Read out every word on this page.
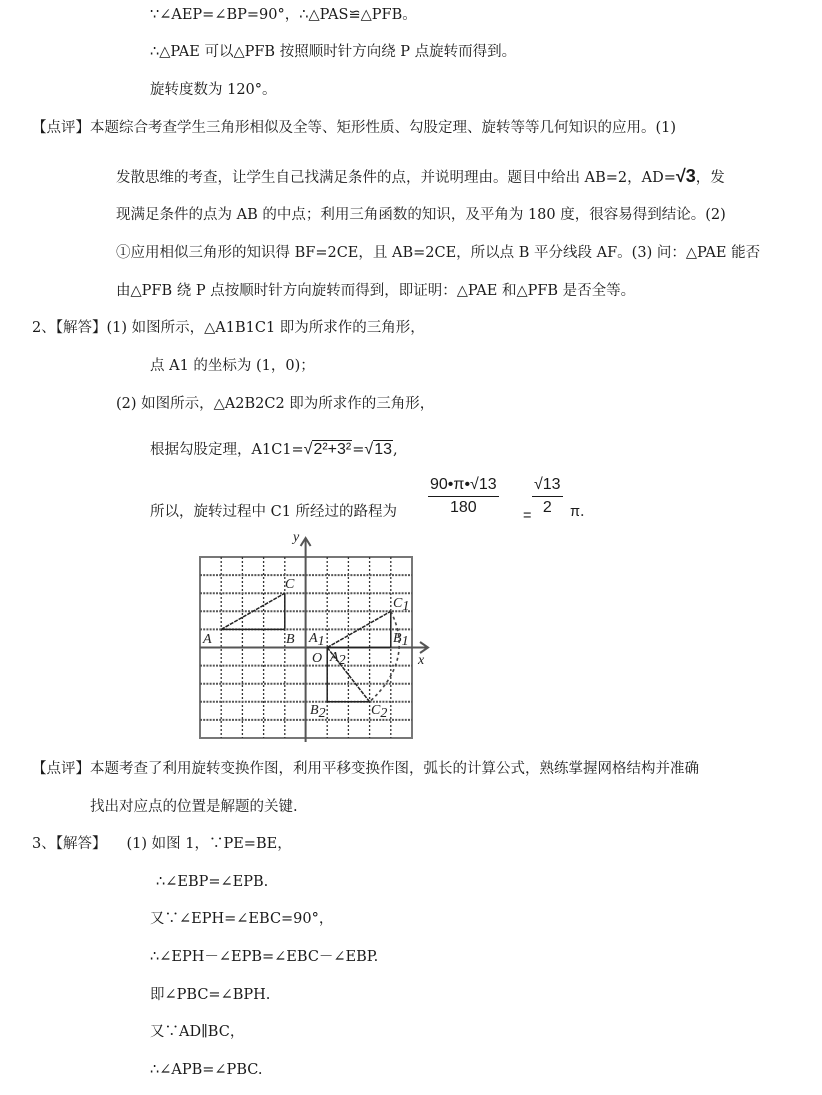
∵∠AEP=∠BP=90°，∴△PAS≌△PFB。
∴△PAE 可以△PFB 按照顺时针方向绕 P 点旋转而得到。
旋转度数为 120°。
【点评】本题综合考查学生三角形相似及全等、矩形性质、勾股定理、旋转等等几何知识的应用。(1)
发散思维的考查，让学生自己找满足条件的点，并说明理由。题目中给出 AB=2，AD=√3，发
现满足条件的点为 AB 的中点；利用三角函数的知识，及平角为 180 度，很容易得到结论。(2)
①应用相似三角形的知识得 BF=2CE，且 AB=2CE，所以点 B 平分线段 AF。(3) 问：△PAE 能否
由△PFB 绕 P 点按顺时针方向旋转而得到，即证明：△PAE 和△PFB 是否全等。
2、【解答】(1) 如图所示，△A1B1C1 即为所求作的三角形，
点 A1 的坐标为 (1，0)；
(2) 如图所示，△A2B2C2 即为所求作的三角形，
根据勾股定理，A1C1=√2²+3²=√13,
所以，旋转过程中 C1 所经过的路程为 $\frac{90•\pi•√13}{180} = \frac{√13}{2}$ π．
x
y
O
A	B
C
A1	B1
C1
A2
B2	C2
【点评】本题考查了利用旋转变换作图，利用平移变换作图，弧长的计算公式，熟练掌握网格结构并准确
找出对应点的位置是解题的关键.
3、【解答】 (1) 如图 1，∵PE=BE，
∴∠EBP=∠EPB.
又∵∠EPH=∠EBC=90°，
∴∠EPH－∠EPB=∠EBC－∠EBP.
即∠PBC=∠BPH.
又∵AD∥BC，
∴∠APB=∠PBC.
